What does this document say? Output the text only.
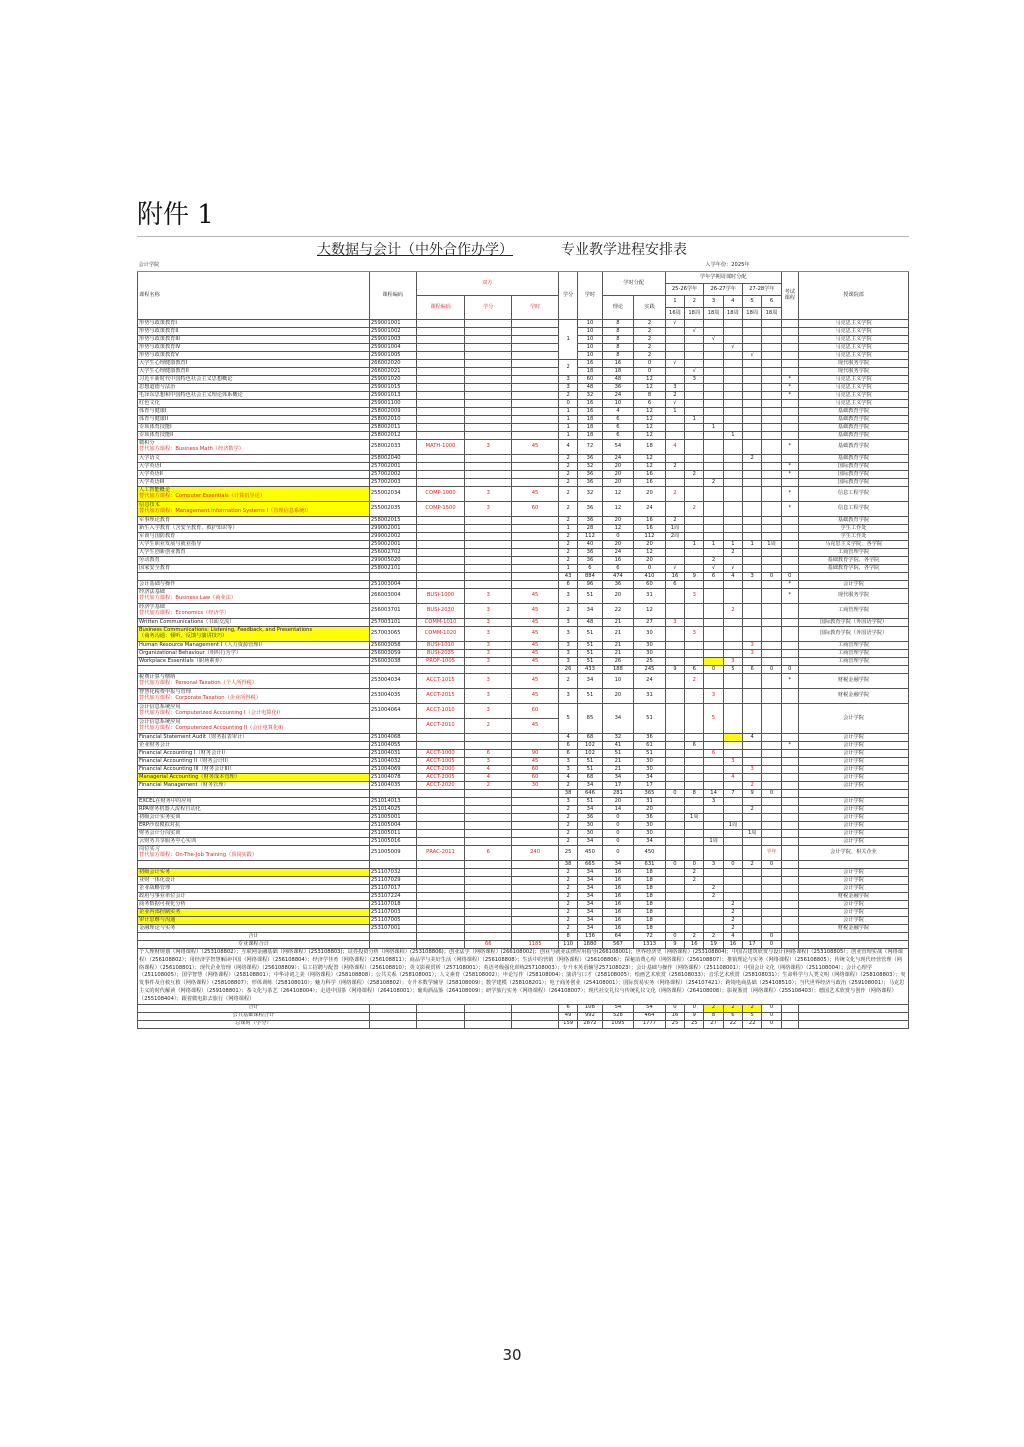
附件 1
大数据与会计（中外合作办学）	专业教学进程安排表
会计学院									入学年份：2025年							
课程名称	课程编码	双方			学分	学时	学时分配		学年学期周课时分配						考试课程	授课院部
									25-26学年		26-27学年		27-28学年			
		课程编码	学分	学时			理论	实践	1	2	3	4	5	6		
									16周	18周	18周	18周	18周	18周		
形势与政策教育I	259001001				1	10	8	2	√							马克思主义学院
形势与政策教育II	259001002					10	8	2		√						马克思主义学院
形势与政策教育III	259001003					10	8	2			√					马克思主义学院
形势与政策教育IV	259001004					10	8	2				√				马克思主义学院
形势与政策教育V	259001005					10	8	2					√			马克思主义学院
大学生心理健康教育I	266002020				2	16	16	0	√							现代服务学院
大学生心理健康教育II	266002021					18	18	0		√						现代服务学院
习近平新时代中国特色社会主义思想概论	259001020				3	60	48	12		3					*	马克思主义学院
思想道德与法治	259001015				3	48	36	12	3						*	马克思主义学院
毛泽东思想和中国特色社会主义理论体系概论	259001013				2	32	24	8	2						*	马克思主义学院
红色文化	259001100				0	16	10	6	√							马克思主义学院
体育与健康I	258002009				1	16	4	12	1							基础教育学院
体育与健康II	258002010				1	18	6	12		1						基础教育学院
专项体育技能I	258002011				1	18	6	12			1					基础教育学院
专项体育技能II	258002012				1	18	6	12				1				基础教育学院

微积分
替代加方课程：Business Math（经济数学）	258002033	MATH-1000	3	45	4	72	54	18	4						*	基础教育学院
大学语文	258002040				2	36	24	12					2			基础教育学院
大学英语I	257002001				2	32	20	12	2						*	国际教育学院
大学英语II	257002002				2	36	20	16		2					*	国际教育学院
大学英语III	257002003				2	36	20	16			2					国际教育学院

人工智能概论
替代加方课程：Computer Essentials（计算机导论）	255002034	COMP-1000	3	45	2	32	12	20	2						*	信息工程学院

信息技术
替代加方课程：Management Information Systems I（管理信息系统I）	255002035	COMP-1500	3	60	2	36	12	24		2					*	信息工程学院
军事理论教育	258002015				2	36	20	16	2							基础教育学院
新生入学教育（含安全教育、救护知识等）	299002001				1	28	12	16	1周							学生工作处
军训与国防教育	299002002				2	112	0	112	2周							学生工作处
大学生职业发展与就业指导	259002001				2	40	20	20		1	1	1	1	1周		马克思主义学院、各学院
大学生创新创业教育	256002702				2	36	24	12				2				工商管理学院
劳动教育	299005020				2	36	16	20			2					基础教育学院、各学院
国家安全教育	258002101				1	6	6	0	√		√	√				基础教育学院、各学院
					43	884	474	410	16	9	6	4	3	0	0	
会计基础与操作	251003004				6	96	36	60	6						*	会计学院

经济法基础
替代加方课程：Business Law（商业法）	266003004	BUSI-1000	3	45	3	51	20	31		3					*	现代服务学院

经济学基础
替代加方课程：Economics（经济学）	256003701	BUSI-2030	3	45	2	34	22	12				2				工商管理学院
Written Communications（书面交流）	257003101	COMM-1010	3	45	3	48	21	27	3							国际教育学院（外国语学院）

Business Communications: Listening, Feedback, and Presentations
（商务沟通：倾听、反馈与演讲技巧）	257003065	COMM-1020	3	45	3	51	21	30		3						国际教育学院（外国语学院）
Human Resource Management I（人力资源管理I）	256003058	BUSI-1010	3	45	3	51	21	30					3			工商管理学院
Organizational Behaviour（组织行为学）	256003059	BUSI-2035	3	45	3	51	21	30					3			工商管理学院
Workplace Essentials（职场素养）	256003038	PROF-1005	3	45	3	51	26	25				3				工商管理学院
					26	433	188	245	9	6	0	5	6	0	0	

税费计算与缴纳
替代加方课程：Personal Taxation（个人所得税）	253004034	ACCT-1015	3	45	2	34	10	24		2					*	财税金融学院

智慧化税费申报与管理
替代加方课程：Corporate Taxation（企业所得税）	253004035	ACCT-2015	3	45	3	51	20	31			3					财税金融学院

会计信息系统应用
替代加方课程：Computerized Accounting I（会计电算化I）	251004064	ACCT-1010	3	60	5	85	34	51			5					会计学院

会计信息系统应用
替代加方课程：Computerized Accounting II（会计电算化II）		ACCT-2010	2	45												
Financial Statement Audit（财务报表审计）	251004068				4	68	32	36					4			会计学院
企业财务会计	251004055				6	102	41	61		6					*	会计学院
Financial Accounting I（财务会计I）	251004031	ACCT-1000	6	90	6	102	51	51			6					会计学院
Financial Accounting II（财务会计II）	251004032	ACCT-1005	3	45	3	51	21	30				3				会计学院
Financial Accounting III（财务会计III）	251004069	ACCT-2000	4	60	3	51	21	30					3			会计学院
Managerial Accounting（财务成本管理）	251004078	ACCT-2005	4	60	4	68	34	34				4				会计学院
Financial Management（财务管理）	251004035	ACCT-2020	2	30	2	34	17	17					2			会计学院
					38	646	281	365	0	8	14	7	9	0		
EXCEL在财务中的应用	251014013				3	51	20	31			3					会计学院
RPA财务机器人流程自动化	251014025				2	34	14	20					2			会计学院
初级会计实务实训	251005001				2	36	0	36		1周						会计学院
ERP沙盘模拟对抗	251005004				2	30	0	30				1周				会计学院
财务会计分岗实训	251005011				2	30	0	30					1周			会计学院
云财务共享服务中心实训	251005016				2	34	0	34			1周					会计学院

岗位实习
替代加方课程：On-The-Job Training（顶岗实践）	251005009	PRAC-2011	6	240	25	450	0	450						半年		会计学院、相关企业
					38	665	34	631	0	0	3	0	2	0		
初级会计实务	251107032				2	34	16	18		2						会计学院
业财一体化设计	251107029				2	34	16	18		2						会计学院
企业战略管理	251107017				2	34	16	18			2					会计学院
政府与事业单位会计	253107224				2	34	16	18			2					财税金融学院
商务数据可视化分析	251107018				2	34	16	18				2				会计学院
企业内部控制实务	251107003				2	34	16	18				2				会计学院
审计思维与沟通	251107005				2	34	16	18				2				会计学院
金融理论与实务	253107001				2	34	16	18				2				财税金融学院
合计					8	136	64	72	0	2	2	4		0		
专业课程合计			66	1185	110	1880	567	1313	9	16	19	16	17	0		
个人理财规划（网络课程）（253108802）；互联网金融基础（网络课程）(253108803)；证券投资分析（网络课程）(253108806)；创业法学（网络课程）(266108002)；创业与就业法律应用指导(266108001)；世界经济史（网络课程）(253108804)；中国古建筑欣赏与设计(网络课程)（253108805）；创业管理实战（网络课程）（256108802）；用经济学智慧解读中国（网络课程）（256108804）；经济学佳肴（网络课程）（256108811）；商品学与美好生活（网络课程）（256108808）；生活中的营销（网络课程）（256108806）；探秘消费心理（网络课程）（256108807）；推销理论与实务（网络课程）（256108805）；传统文化与现代经营管理（网络课程）（256108801）；现代企业管理（网络课程）（256108809）；员工招聘与配置（网络课程）（256108810）；英文影视赏析（257108001）；英语考级强化训练257108003）；专升本英语辅导257108023）；会计基础与操作（网络课程）（251108001）；中国会计文化（网络课程）（251108004）；会计心理学（251108005）；国学智慧（网络课程）（258108801）；中华诗词之美（网络课程）（258108808）；公共关系（258108001）；人文素育（258108002）；申论写作（258108004）；演讲与口才（258108005）；绘画艺术欣赏（258108033）；音乐艺术欣赏（258108031）；生命科学与人类文明（网络课程）（258108803）；突发事件及自救互救（网络课程）（258108807）；形体训练（258108010）；魅力科学（网络课程）（258108802）；专升本数学辅导（258108009）；数学建模（258108201）；电子商务创业（254108001）；国际贸易实务（网络课程）（254107421）；跨境电商基础（254108510）；当代世界经济与政治（259108001）；马克思主义的时代解读（网络课程）（259108801）；茶文化与茶艺（264108004）；走进中国茶（网络课程）（264108001）；葡萄酒品鉴（264108009）；研学旅行实务（网络课程）（264108007）；现代社交礼仪与传统礼仪文化（网络课程）（264108008）；影视鉴赏（网络课程）（255108403）；德国艺术欣赏与创作（网络课程）（255108404）；跟着微电影去旅行（网络课程）																
合计					6	108	54	54	0	0	2	2	2	0		
公共基础课程合计					49	992	528	464	16	9	8	6	5	0		
总课时（学分）					159	2872	1095	1777	25	25	27	22	22	0		
30
